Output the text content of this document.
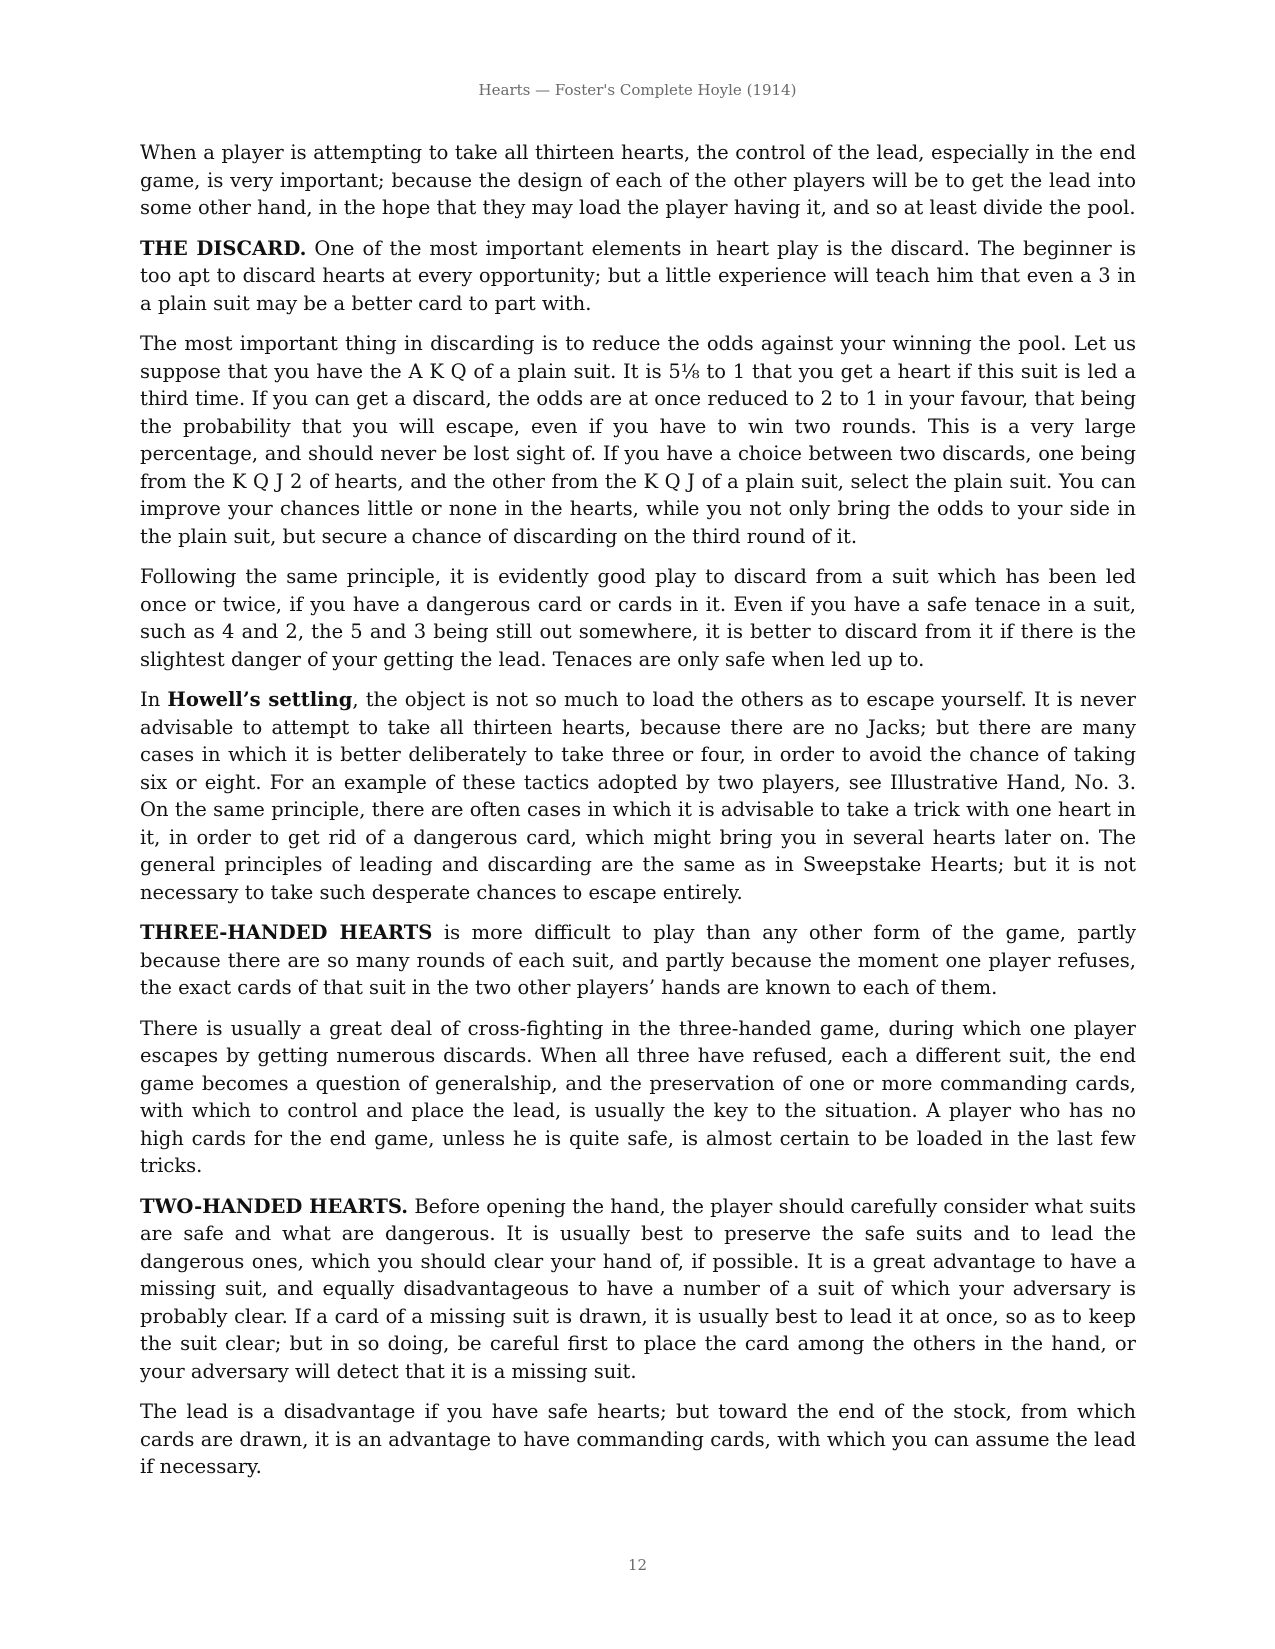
Hearts — Foster's Complete Hoyle (1914)

When a player is attempting to take all thirteen hearts, the control of the lead, especially in the end game, is very important; because the design of each of the other players will be to get the lead into some other hand, in the hope that they may load the player having it, and so at least divide the pool.

THE DISCARD. One of the most important elements in heart play is the discard. The beginner is too apt to discard hearts at every opportunity; but a little experience will teach him that even a 3 in a plain suit may be a better card to part with.

The most important thing in discarding is to reduce the odds against your winning the pool. Let us suppose that you have the A K Q of a plain suit. It is 5⅛ to 1 that you get a heart if this suit is led a third time. If you can get a discard, the odds are at once reduced to 2 to 1 in your favour, that being the probability that you will escape, even if you have to win two rounds. This is a very large percentage, and should never be lost sight of. If you have a choice between two discards, one being from the K Q J 2 of hearts, and the other from the K Q J of a plain suit, select the plain suit. You can improve your chances little or none in the hearts, while you not only bring the odds to your side in the plain suit, but secure a chance of discarding on the third round of it.

Following the same principle, it is evidently good play to discard from a suit which has been led once or twice, if you have a dangerous card or cards in it. Even if you have a safe tenace in a suit, such as 4 and 2, the 5 and 3 being still out somewhere, it is better to discard from it if there is the slightest danger of your getting the lead. Tenaces are only safe when led up to.

In Howell’s settling, the object is not so much to load the others as to escape yourself. It is never advisable to attempt to take all thirteen hearts, because there are no Jacks; but there are many cases in which it is better deliberately to take three or four, in order to avoid the chance of taking six or eight. For an example of these tactics adopted by two players, see Illustrative Hand, No. 3. On the same principle, there are often cases in which it is advisable to take a trick with one heart in it, in order to get rid of a dangerous card, which might bring you in several hearts later on. The general principles of leading and discarding are the same as in Sweepstake Hearts; but it is not necessary to take such desperate chances to escape entirely.

THREE-HANDED HEARTS is more difficult to play than any other form of the game, partly because there are so many rounds of each suit, and partly because the moment one player refuses, the exact cards of that suit in the two other players’ hands are known to each of them.

There is usually a great deal of cross-fighting in the three-handed game, during which one player escapes by getting numerous discards. When all three have refused, each a different suit, the end game becomes a question of generalship, and the preservation of one or more commanding cards, with which to control and place the lead, is usually the key to the situation. A player who has no high cards for the end game, unless he is quite safe, is almost certain to be loaded in the last few tricks.

TWO-HANDED HEARTS. Before opening the hand, the player should carefully consider what suits are safe and what are dangerous. It is usually best to preserve the safe suits and to lead the dangerous ones, which you should clear your hand of, if possible. It is a great advantage to have a missing suit, and equally disadvantageous to have a number of a suit of which your adversary is probably clear. If a card of a missing suit is drawn, it is usually best to lead it at once, so as to keep the suit clear; but in so doing, be careful first to place the card among the others in the hand, or your adversary will detect that it is a missing suit.

The lead is a disadvantage if you have safe hearts; but toward the end of the stock, from which cards are drawn, it is an advantage to have commanding cards, with which you can assume the lead if necessary.

12
